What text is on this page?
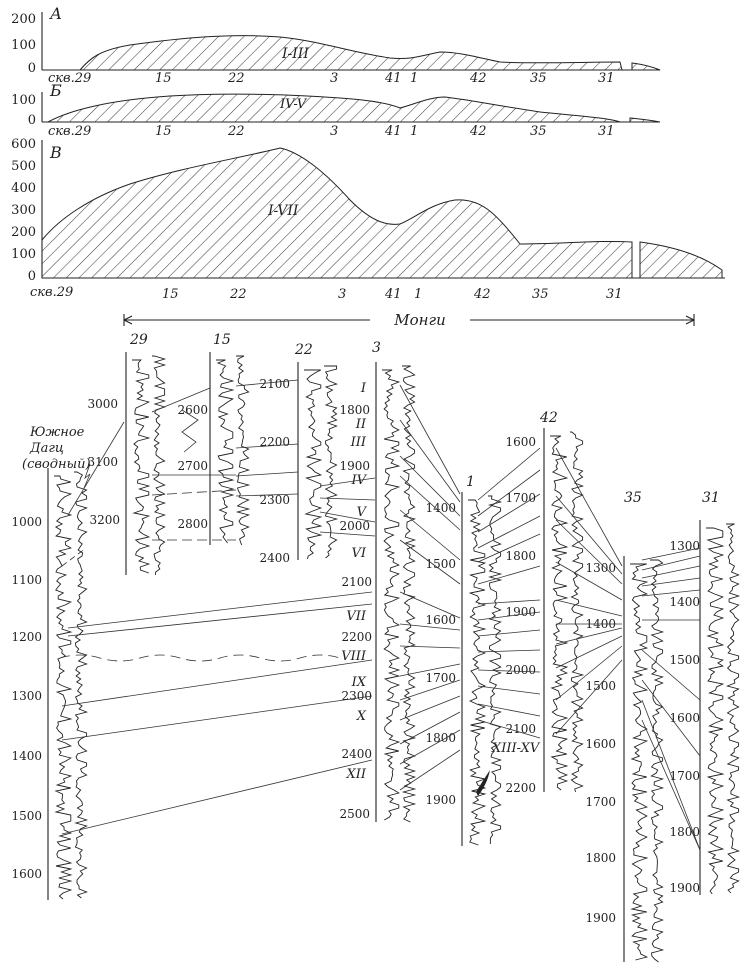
А
200
100
0
I-III
скв.29	15	22	3	41 1	42	35	31
Б
100
0
IV-V
скв.29	15	22	3	41 1	42	35	31
В
600
500
400
300
200
100
0
I-VII
скв.29	15	22	3	41 1	42	35	31
Монги
Южное
Дагц
(сводный)
29	15
22	3
1
42
35	31
1000
1100
1200
1300
1400
1500
1600
3000
3100
3200
2600
2700
2800
2100
2200
2300
2400
1800
1900
2000
2100
2200
2300
2400
2500
1400
1500
1600
1700
1800
1900
1600
1700
1800
1900
2000
2100
2200
1300
1400
1500
1600
1700
1800
1900
1300
1400
1500
1600
1700
1800
1900
I
II
III
IV
V
VI
VII
VIII
IX
X
XII
XIII-XV
